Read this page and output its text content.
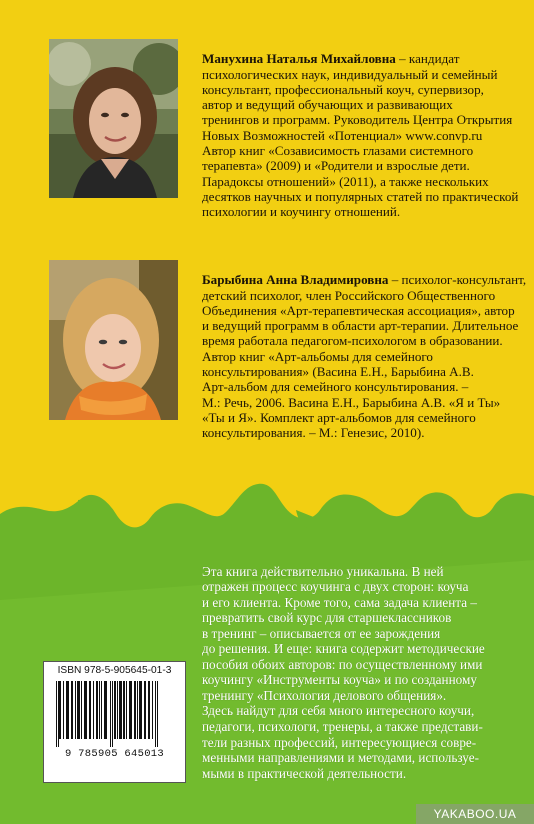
Манухина Наталья Михайловна – кандидат
психологических наук, индивидуальный и семейный
консультант, профессиональный коуч, супервизор,
автор и ведущий обучающих и развивающих
тренингов и программ. Руководитель Центра Открытия
Новых Возможностей «Потенциал» www.convp.ru
Автор книг «Созависимость глазами системного
терапевта» (2009) и «Родители и взрослые дети.
Парадоксы отношений» (2011), а также нескольких
десятков научных и популярных статей по практической
психологии и коучингу отношений.

Барыбина Анна Владимировна – психолог-консультант,
детский психолог, член Российского Общественного
Объединения «Арт-терапевтическая ассоциация», автор
и ведущий программ в области арт-терапии. Длительное
время работала педагогом-психологом в образовании.
Автор книг «Арт-альбомы для семейного
консультирования» (Васина Е.Н., Барыбина А.В.
Арт-альбом для семейного консультирования. –
М.: Речь, 2006. Васина Е.Н., Барыбина А.В. «Я и Ты»
«Ты и Я». Комплект арт-альбомов для семейного
консультирования. – М.: Генезис, 2010).

Эта книга действительно уникальна. В ней
отражен процесс коучинга с двух сторон: коуча
и его клиента. Кроме того, сама задача клиента –
превратить свой курс для старшеклассников
в тренинг – описывается от ее зарождения
до решения. И еще: книга содержит методические
пособия обоих авторов: по осуществленному ими
коучингу «Инструменты коуча» и по созданному
тренингу «Психология делового общения».
Здесь найдут для себя много интересного коучи,
педагоги, психологи, тренеры, а также представи-
тели разных профессий, интересующиеся совре-
менными направлениями и методами, используе-
мыми в практической деятельности.

ISBN 978-5-905645-01-3
9 785905 645013
YAKABOO.UA
